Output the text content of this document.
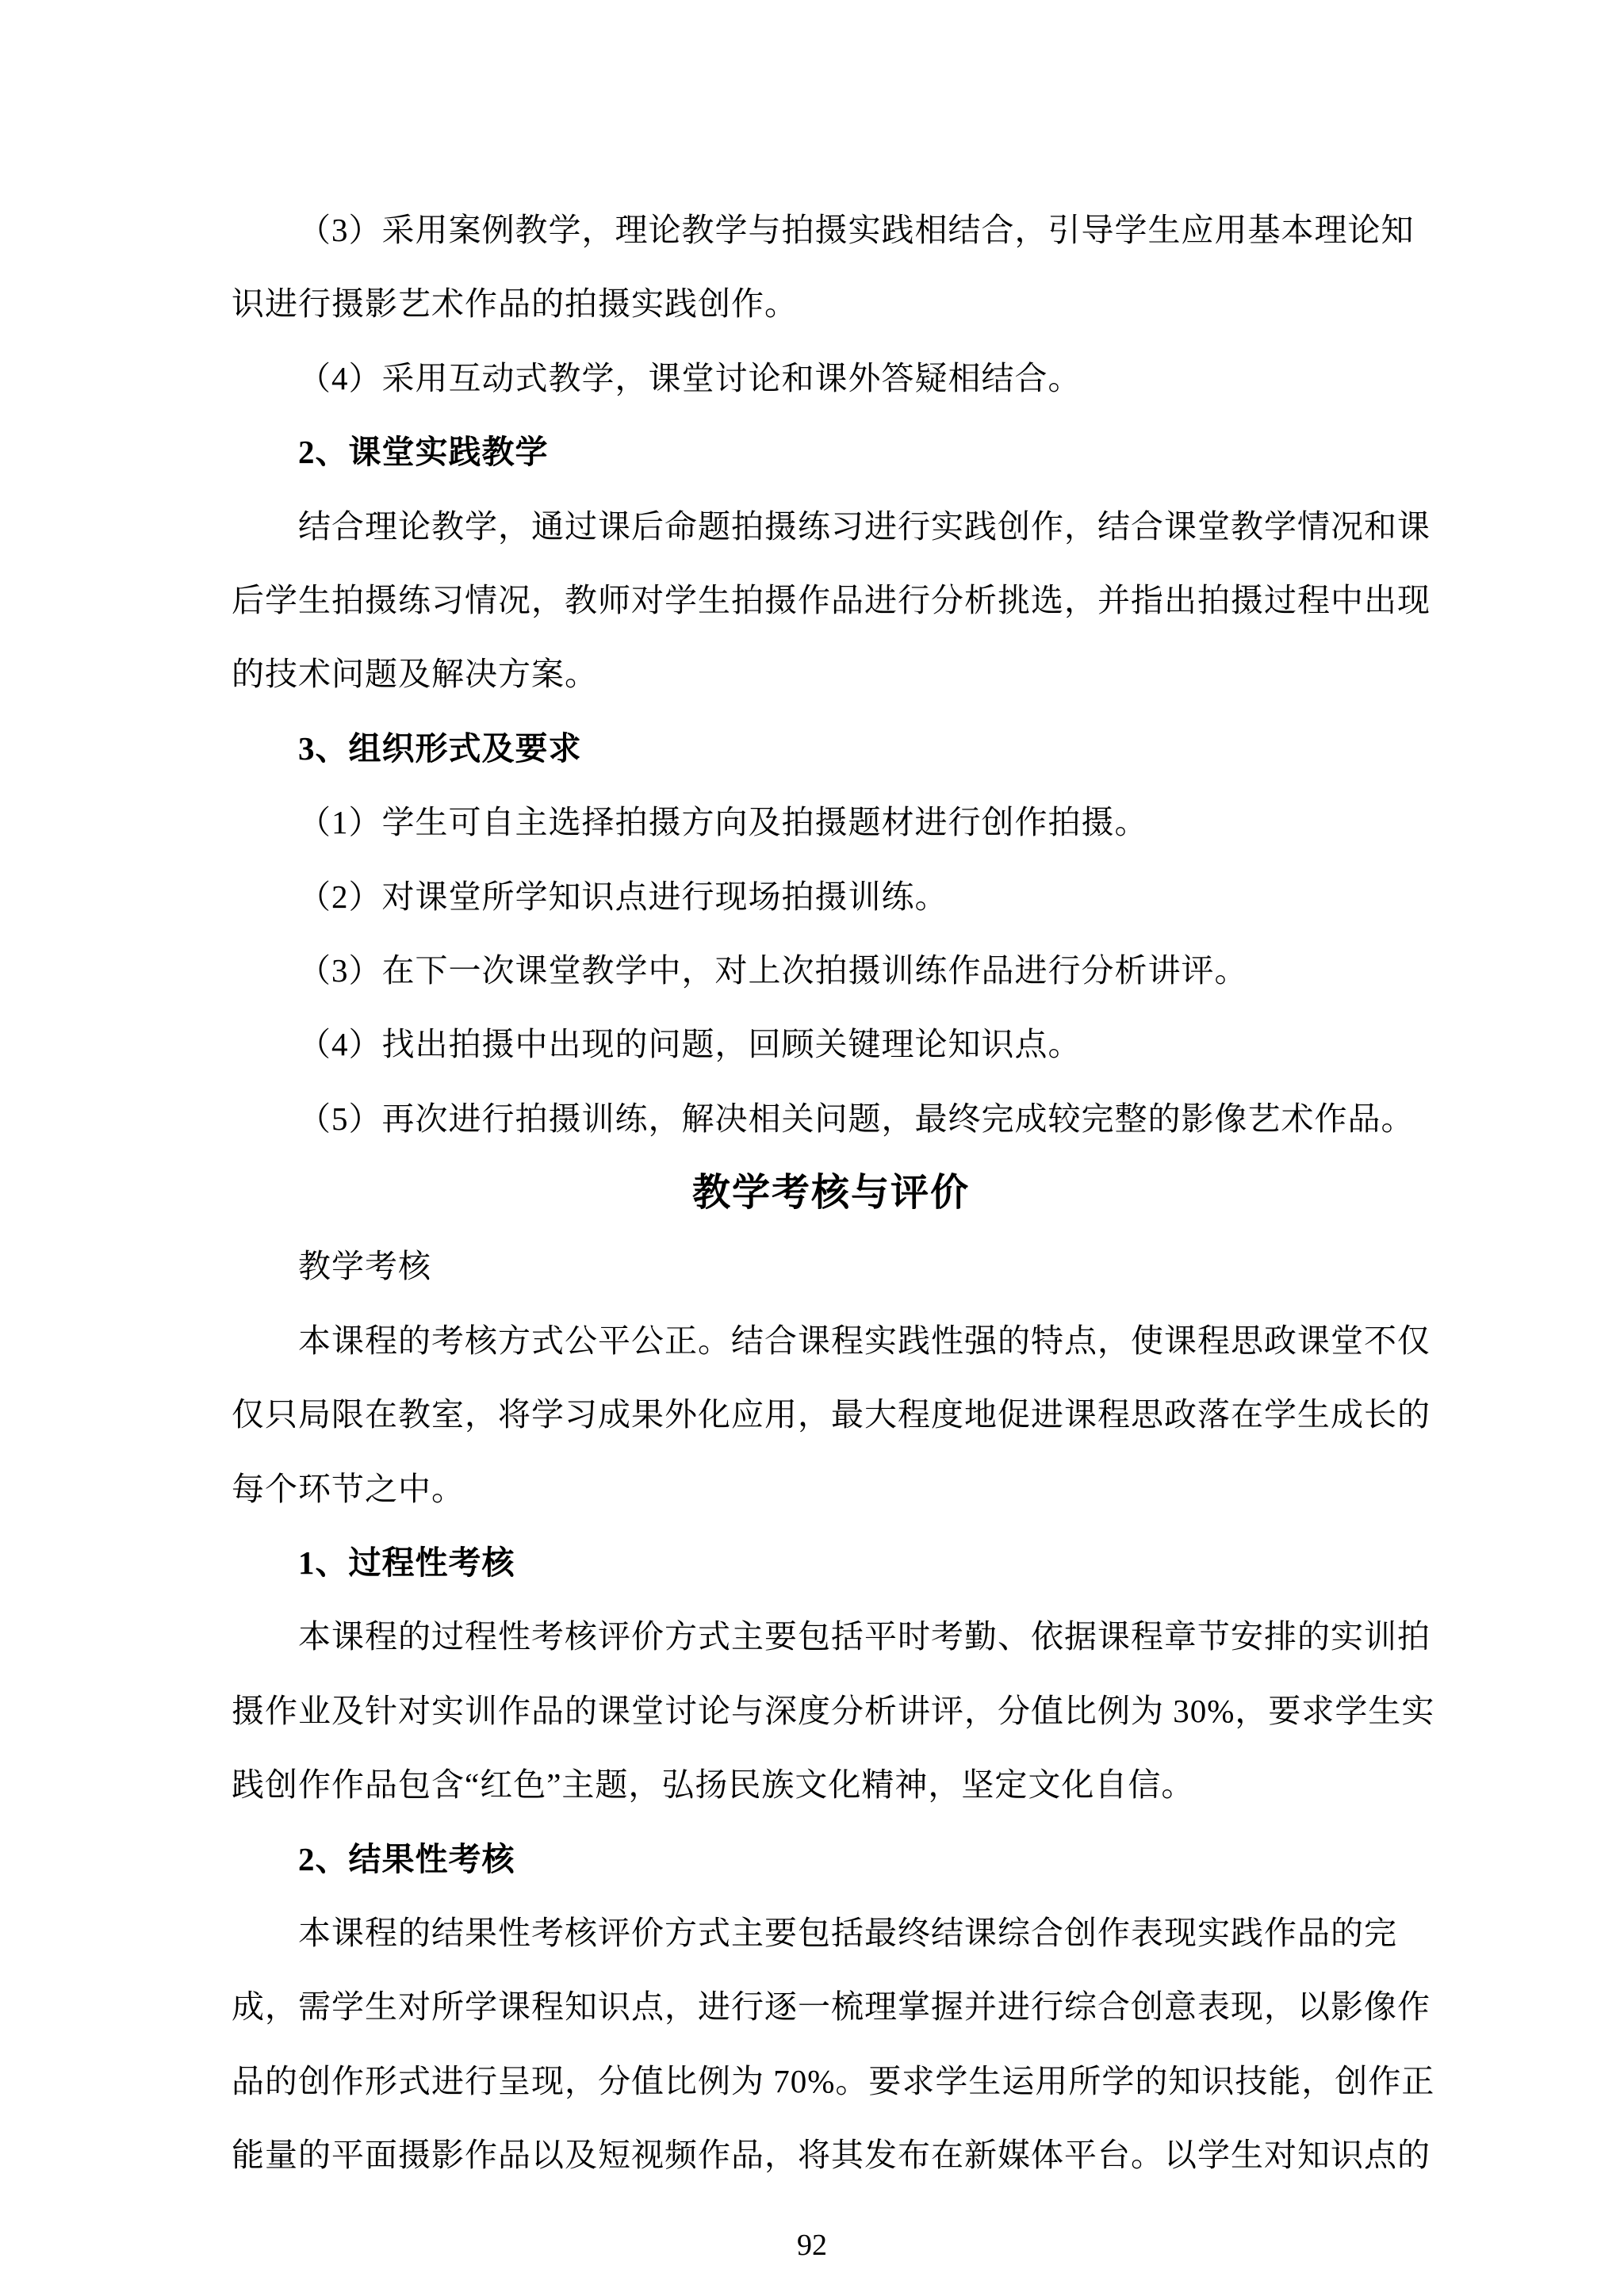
（3）采用案例教学，理论教学与拍摄实践相结合，引导学生应用基本理论知
识进行摄影艺术作品的拍摄实践创作。
（4）采用互动式教学，课堂讨论和课外答疑相结合。
2、课堂实践教学
结合理论教学，通过课后命题拍摄练习进行实践创作，结合课堂教学情况和课
后学生拍摄练习情况，教师对学生拍摄作品进行分析挑选，并指出拍摄过程中出现
的技术问题及解决方案。
3、组织形式及要求
（1）学生可自主选择拍摄方向及拍摄题材进行创作拍摄。
（2）对课堂所学知识点进行现场拍摄训练。
（3）在下一次课堂教学中，对上次拍摄训练作品进行分析讲评。
（4）找出拍摄中出现的问题，回顾关键理论知识点。
（5）再次进行拍摄训练，解决相关问题，最终完成较完整的影像艺术作品。
教学考核与评价
教学考核
本课程的考核方式公平公正。结合课程实践性强的特点，使课程思政课堂不仅
仅只局限在教室，将学习成果外化应用，最大程度地促进课程思政落在学生成长的
每个环节之中。
1、过程性考核
本课程的过程性考核评价方式主要包括平时考勤、依据课程章节安排的实训拍
摄作业及针对实训作品的课堂讨论与深度分析讲评，分值比例为 30%，要求学生实
践创作作品包含“红色”主题，弘扬民族文化精神，坚定文化自信。
2、结果性考核
本课程的结果性考核评价方式主要包括最终结课综合创作表现实践作品的完
成，需学生对所学课程知识点，进行逐一梳理掌握并进行综合创意表现，以影像作
品的创作形式进行呈现，分值比例为 70%。要求学生运用所学的知识技能，创作正
能量的平面摄影作品以及短视频作品，将其发布在新媒体平台。以学生对知识点的
92
